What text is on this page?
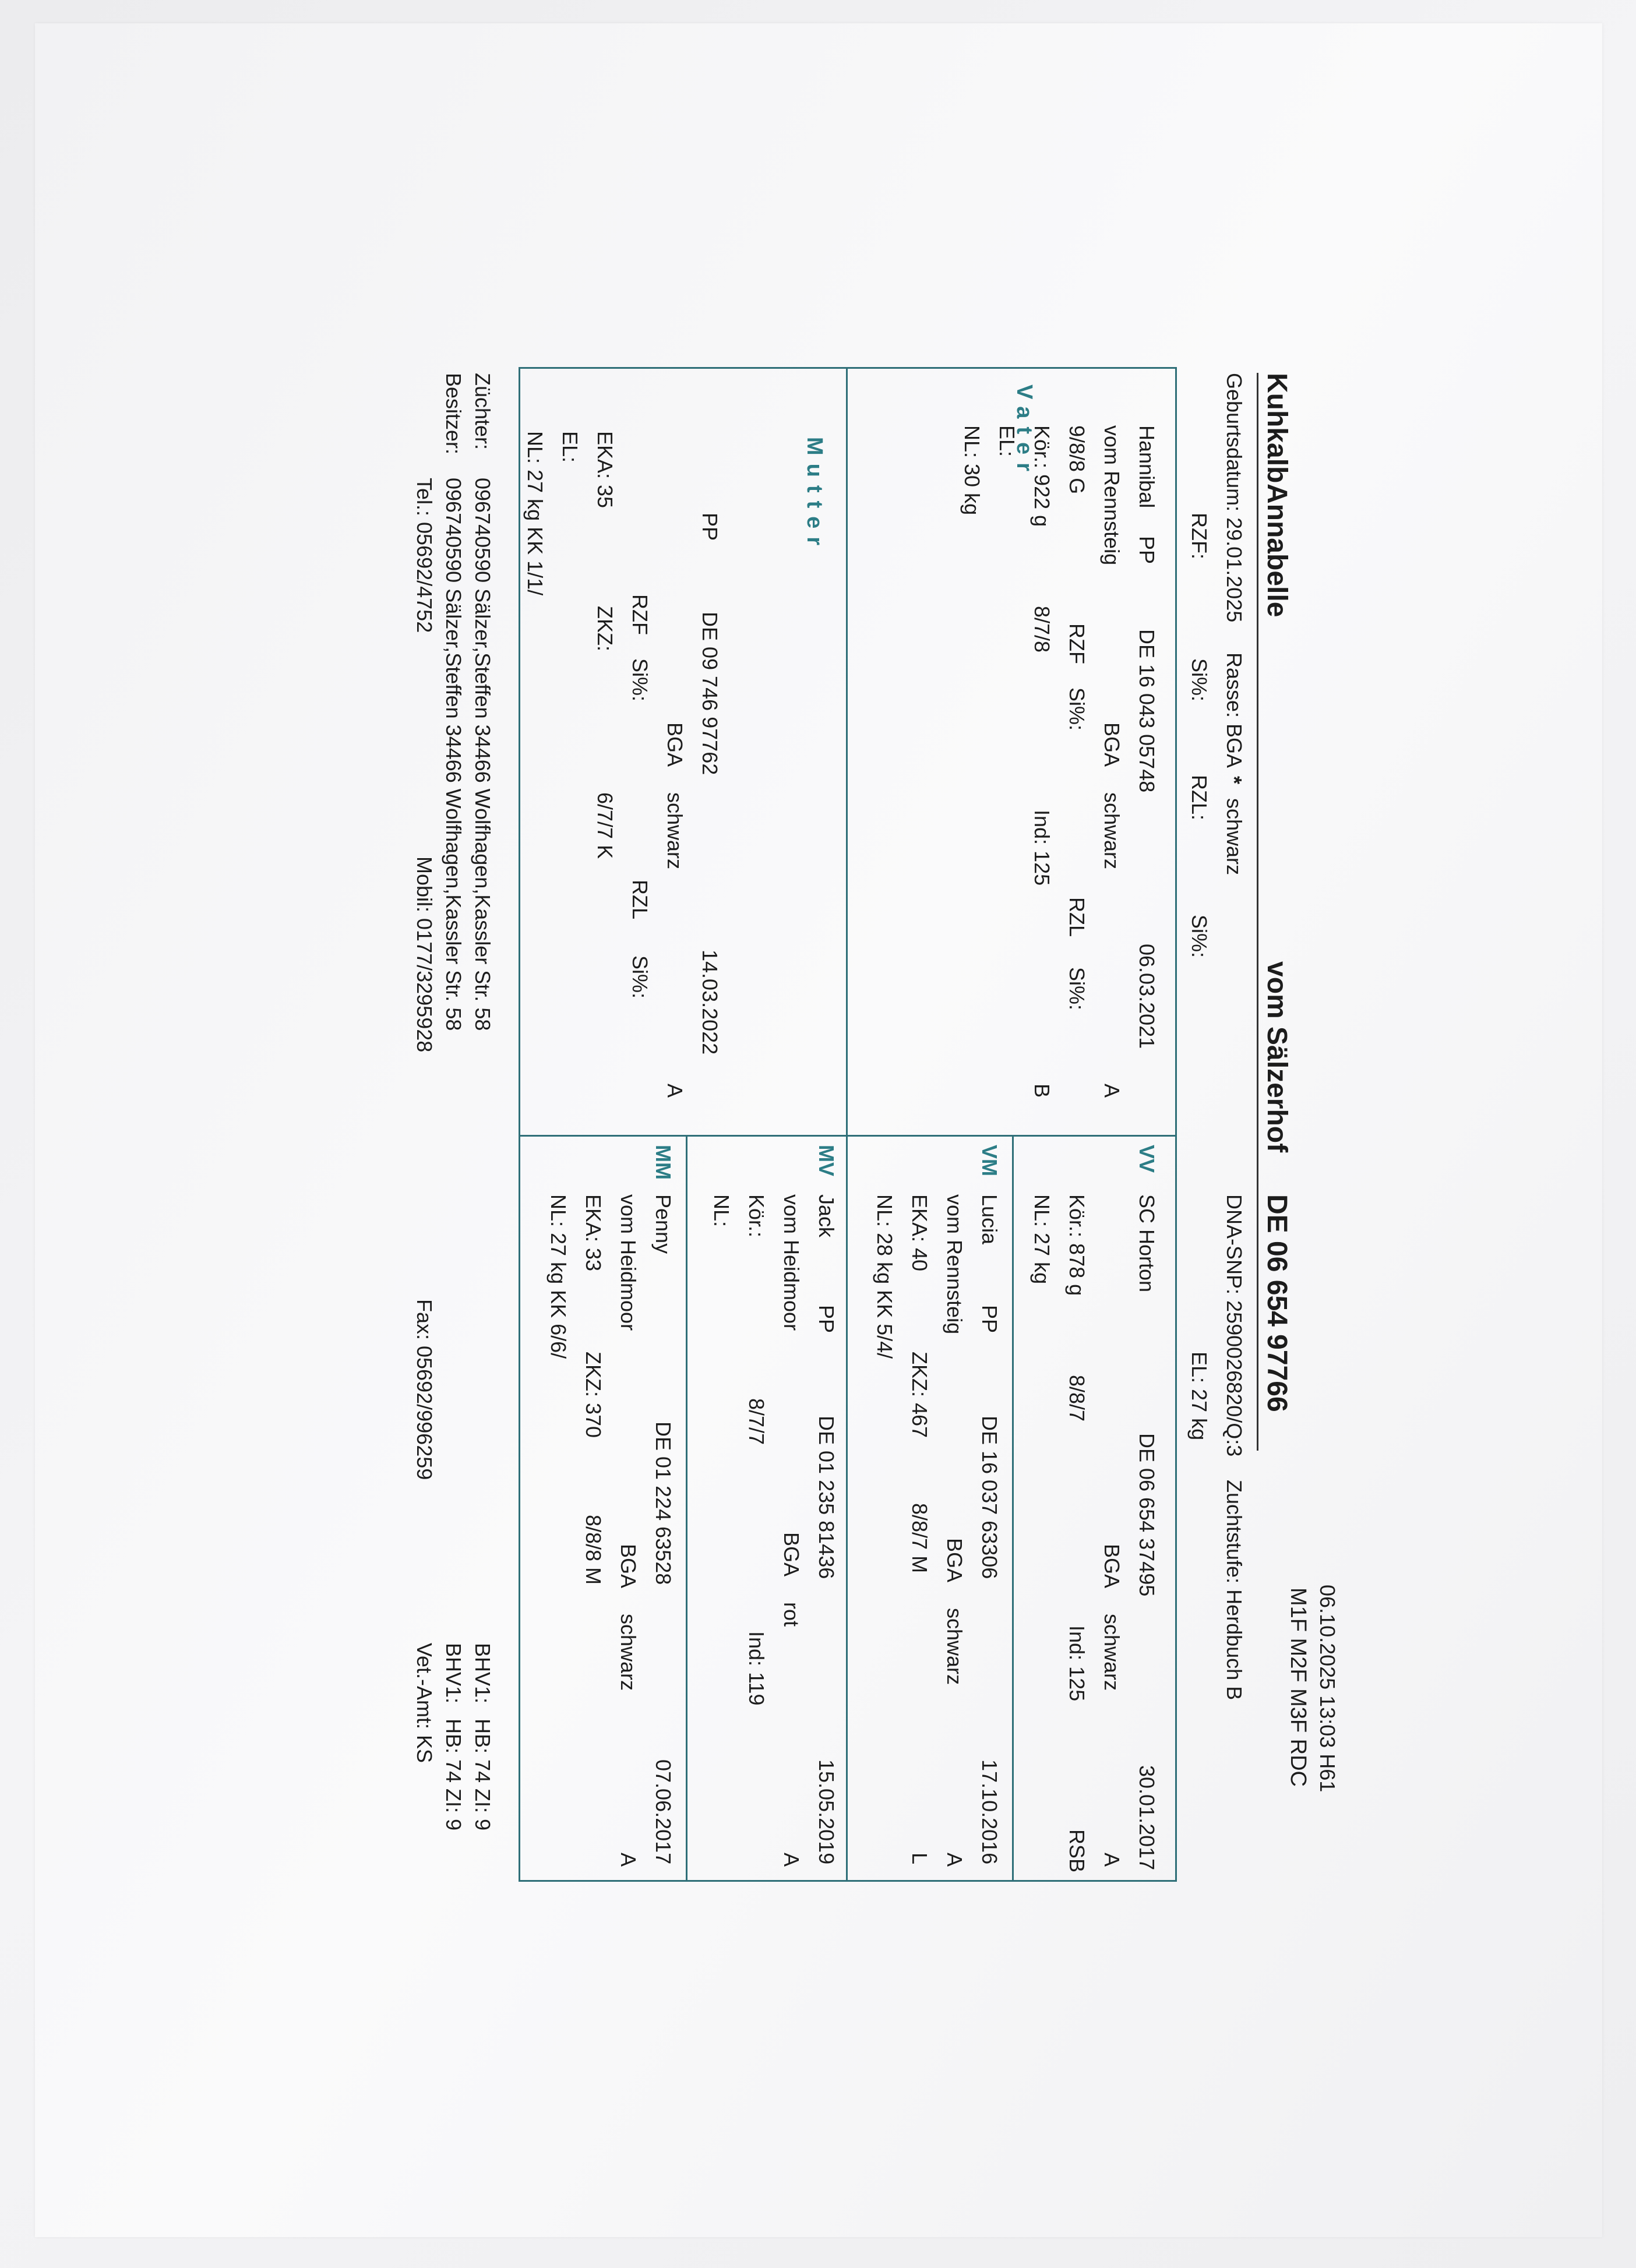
06.10.2025 13:03 H61
M1F M2F M3F RDC
Kuhkalb
Annabelle
vom Sälzerhof
DE 06 654 97766
Geburtsdatum: 29.01.2025
Rasse: BGA
*
schwarz
DNA-SNP: 2590026820/Q:3
Zuchtstufe: Herdbuch B
RZF:
Si%:
RZL:
Si%:
EL: 27 kg
Vater	Hannibal
PP
DE 16 043 05748
06.03.2021
vom Rennsteig
BGA
schwarz
A
9/8/8 G
RZF
Si%:
RZL
Si%:
Kör.: 922 g
8/7/8
Ind: 125
B
EL:
NL: 30 kg
Mutter
PP
DE 09 746 97762
14.03.2022
BGA
schwarz
A
RZF
Si%:
RZL
Si%:
EKA: 35
ZKZ:
6/7/7 K
EL:
NL: 27 kg KK 1/1/
VV
SC Horton
DE 06 654 37495
30.01.2017
BGA
schwarz
A
Kör.: 878 g
8/8/7
Ind: 125
RSB
NL: 27 kg
VM
Lucia
PP
DE 16 037 63306
17.10.2016
vom Rennsteig
BGA
schwarz
A
EKA: 40
ZKZ: 467
8/8/7 M
L
NL: 28 kg KK 5/4/
MV
Jack
PP
DE 01 235 81436
15.05.2019
vom Heidmoor
BGA
rot
A
Kör.:
8/7/7
Ind: 119
NL:
MM
Penny
DE 01 224 63528
07.06.2017
vom Heidmoor
BGA
schwarz
A
EKA: 33
ZKZ: 370
8/8/8 M
NL: 27 kg KK 6/6/
Züchter:
096740590 Sälzer,Steffen 34466 Wolfhagen,Kassler Str. 58
BHV1:
HB: 74 ZI: 9
Besitzer:
096740590 Sälzer,Steffen 34466 Wolfhagen,Kassler Str. 58
BHV1:
HB: 74 ZI: 9
Tel.: 05692/4752
Mobil: 0177/3295928
Fax: 05692/996259
Vet.-Amt: KS
